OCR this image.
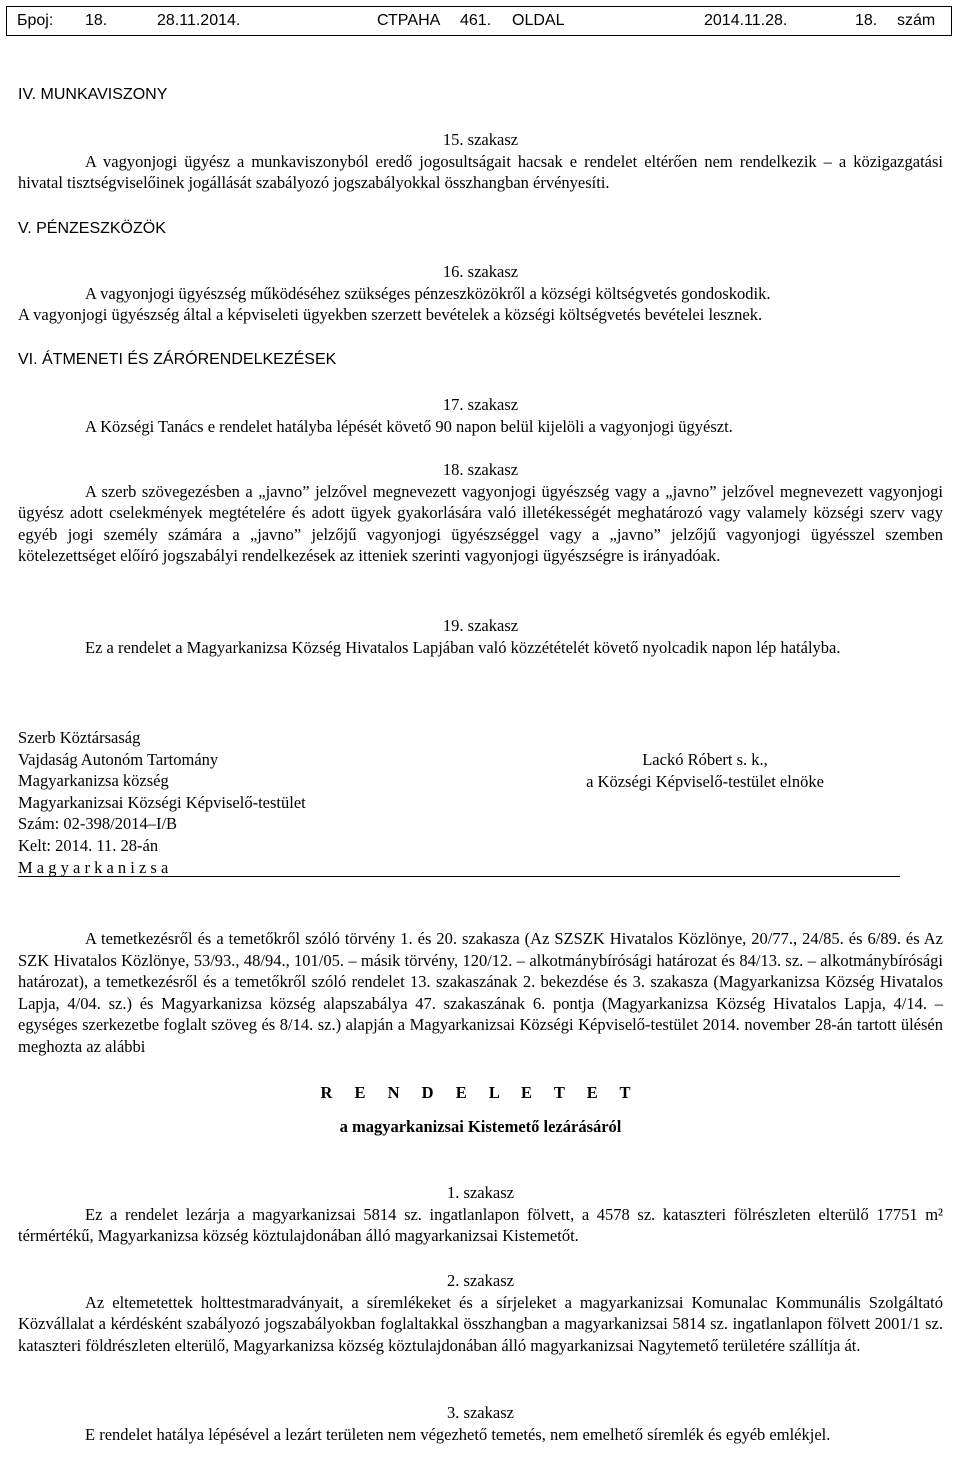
Број: 18.	28.11.2014.	СТРАНА 461. OLDAL	2014.11.28.	18. szám
IV. MUNKAVISZONY
15. szakasz
A vagyonjogi ügyész a munkaviszonyból eredő jogosultságait hacsak e rendelet eltérően nem rendelkezik – a közigazgatási hivatal tisztségviselőinek jogállását szabályozó jogszabályokkal összhangban érvényesíti.
V. PÉNZESZKÖZÖK
16. szakasz
A vagyonjogi ügyészség működéséhez szükséges pénzeszközökről a községi költségvetés gondoskodik.
A vagyonjogi ügyészség által a képviseleti ügyekben szerzett bevételek a községi költségvetés bevételei lesznek.
VI. ÁTMENETI ÉS ZÁRÓRENDELKEZÉSEK
17. szakasz
A Községi Tanács e rendelet hatályba lépését követő 90 napon belül kijelöli a vagyonjogi ügyészt.
18. szakasz
A szerb szövegezésben a „javno” jelzővel megnevezett vagyonjogi ügyészség vagy a „javno” jelzővel megnevezett vagyonjogi ügyész adott cselekmények megtételére és adott ügyek gyakorlására való illetékességét meghatározó vagy valamely községi szerv vagy egyéb jogi személy számára a „javno” jelzőjű vagyonjogi ügyészséggel vagy a „javno” jelzőjű vagyonjogi ügyésszel szemben kötelezettséget előíró jogszabályi rendelkezések az itteniek szerinti vagyonjogi ügyészségre is irányadóak.
19. szakasz
Ez a rendelet a Magyarkanizsa Község Hivatalos Lapjában való közzétételét követő nyolcadik napon lép hatályba.
Szerb Köztársaság
Vajdaság Autonóm Tartomány
Magyarkanizsa község
Magyarkanizsai Községi Képviselő-testület
Szám: 02-398/2014–I/B
Kelt: 2014. 11. 28-án
M a g y a r k a n i z s a
Lackó Róbert s. k.,
a Községi Képviselő-testület elnöke
A temetkezésről és a temetőkről szóló törvény 1. és 20. szakasza (Az SZSZK Hivatalos Közlönye, 20/77., 24/85. és 6/89. és Az SZK Hivatalos Közlönye, 53/93., 48/94., 101/05. – másik törvény, 120/12. – alkotmánybírósági határozat és 84/13. sz. – alkotmánybírósági határozat), a temetkezésről és a temetőkről szóló rendelet 13. szakaszának 2. bekezdése és 3. szakasza (Magyarkanizsa Község Hivatalos Lapja, 4/04. sz.) és Magyarkanizsa község alapszabálya 47. szakaszának 6. pontja (Magyarkanizsa Község Hivatalos Lapja, 4/14. – egységes szerkezetbe foglalt szöveg és 8/14. sz.) alapján a Magyarkanizsai Községi Képviselő-testület 2014. november 28-án tartott ülésén meghozta az alábbi
R E N D E L E T E T
a magyarkanizsai Kistemető lezárásáról
1. szakasz
Ez a rendelet lezárja a magyarkanizsai 5814 sz. ingatlanlapon fölvett, a 4578 sz. kataszteri fölrészleten elterülő 17751 m² térmértékű, Magyarkanizsa község köztulajdonában álló magyarkanizsai Kistemetőt.
2. szakasz
Az eltemetettek holttestmaradványait, a síremlékeket és a sírjeleket a magyarkanizsai Komunalac Kommunális Szolgáltató Közvállalat a kérdésként szabályozó jogszabályokban foglaltakkal összhangban a magyarkanizsai 5814 sz. ingatlanlapon fölvett 2001/1 sz. kataszteri földrészleten elterülő, Magyarkanizsa község köztulajdonában álló magyarkanizsai Nagytemető területére szállítja át.
3. szakasz
E rendelet hatálya lépésével a lezárt területen nem végezhető temetés, nem emelhető síremlék és egyéb emlékjel.
